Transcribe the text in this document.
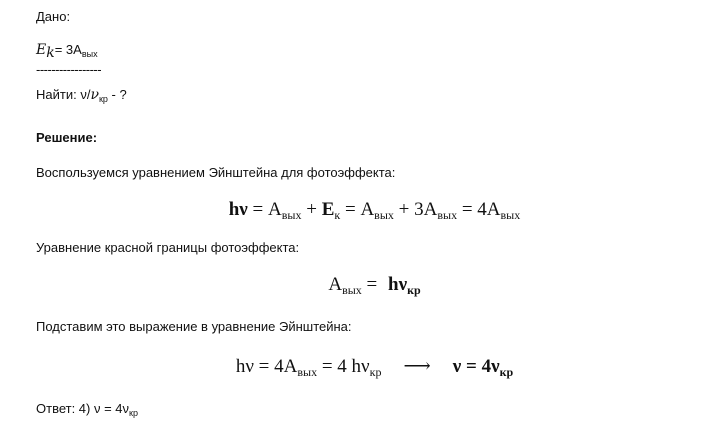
Дано:
$E_k= 3А_{вых}$
-----------------
Найти: $\nu/\nu_{кр}$ - ?
Решение:
Воспользуемся уравнением Эйнштейна для фотоэффекта:
$h\nu = А_{вых} + E_к = А_{вых} + 3А_{вых} = 4А_{вых}$
Уравнение красной границы фотоэффекта:
$А_{вых} = h\nu_{кр}$
Подставим это выражение в уравнение Эйнштейна:
$h\nu = 4А_{вых} = 4$ $h\nu_{кр}$ ⟶ $\nu = 4\nu_{кр}$
Ответ: 4) $\nu = 4\nu_{кр}$
